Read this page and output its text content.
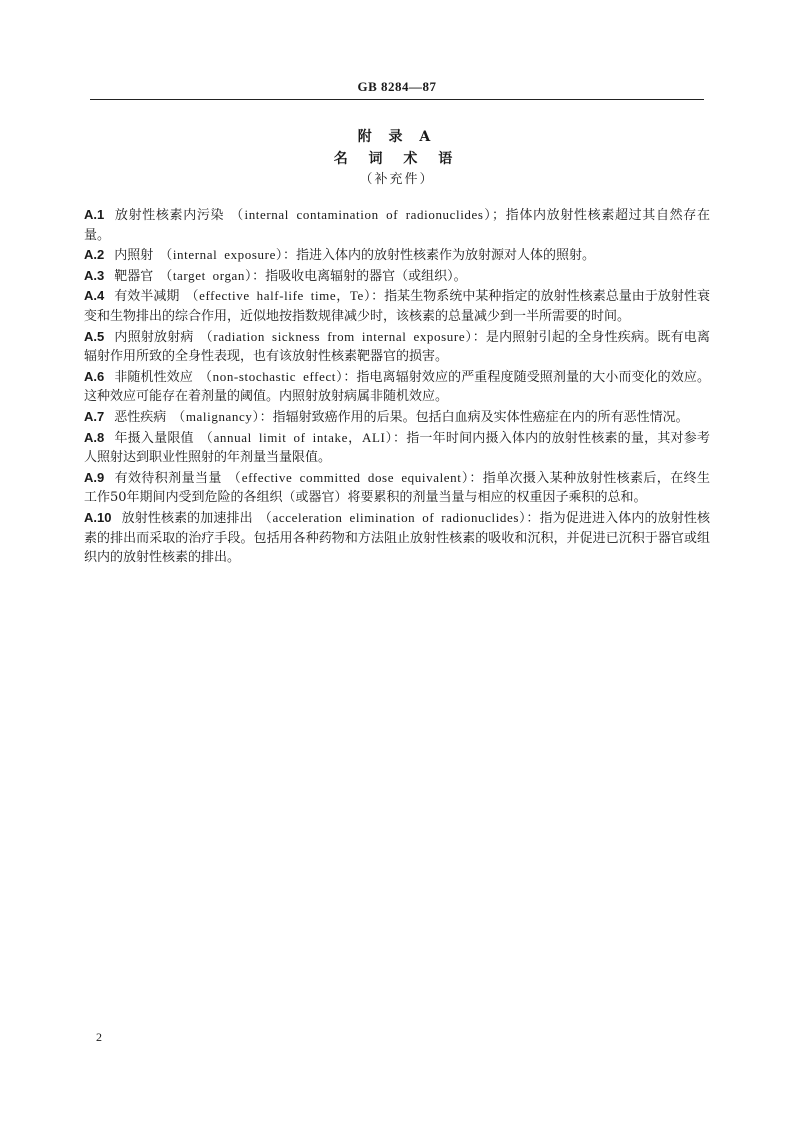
GB 8284—87
附 录 A
名 词 术 语
（补充件）
A.1 放射性核素内污染 （internal contamination of radionuclides）；指体内放射性核素超过其自然存在量。
A.2 内照射 （internal exposure）：指进入体内的放射性核素作为放射源对人体的照射。
A.3 靶器官 （target organ）：指吸收电离辐射的器官（或组织）。
A.4 有效半减期 （effective half-life time，Te）：指某生物系统中某种指定的放射性核素总量由于放射性衰变和生物排出的综合作用，近似地按指数规律减少时，该核素的总量减少到一半所需要的时间。
A.5 内照射放射病 （radiation sickness from internal exposure）：是内照射引起的全身性疾病。既有电离辐射作用所致的全身性表现，也有该放射性核素靶器官的损害。
A.6 非随机性效应 （non-stochastic effect）：指电离辐射效应的严重程度随受照剂量的大小而变化的效应。这种效应可能存在着剂量的阈值。内照射放射病属非随机效应。
A.7 恶性疾病 （malignancy）：指辐射致癌作用的后果。包括白血病及实体性癌症在内的所有恶性情况。
A.8 年摄入量限值 （annual limit of intake，ALI）：指一年时间内摄入体内的放射性核素的量，其对参考人照射达到职业性照射的年剂量当量限值。
A.9 有效待积剂量当量 （effective committed dose equivalent）：指单次摄入某种放射性核素后，在终生工作50年期间内受到危险的各组织（或器官）将要累积的剂量当量与相应的权重因子乘积的总和。
A.10 放射性核素的加速排出 （acceleration elimination of radionuclides）：指为促进进入体内的放射性核素的排出而采取的治疗手段。包括用各种药物和方法阻止放射性核素的吸收和沉积，并促进已沉积于器官或组织内的放射性核素的排出。
2
